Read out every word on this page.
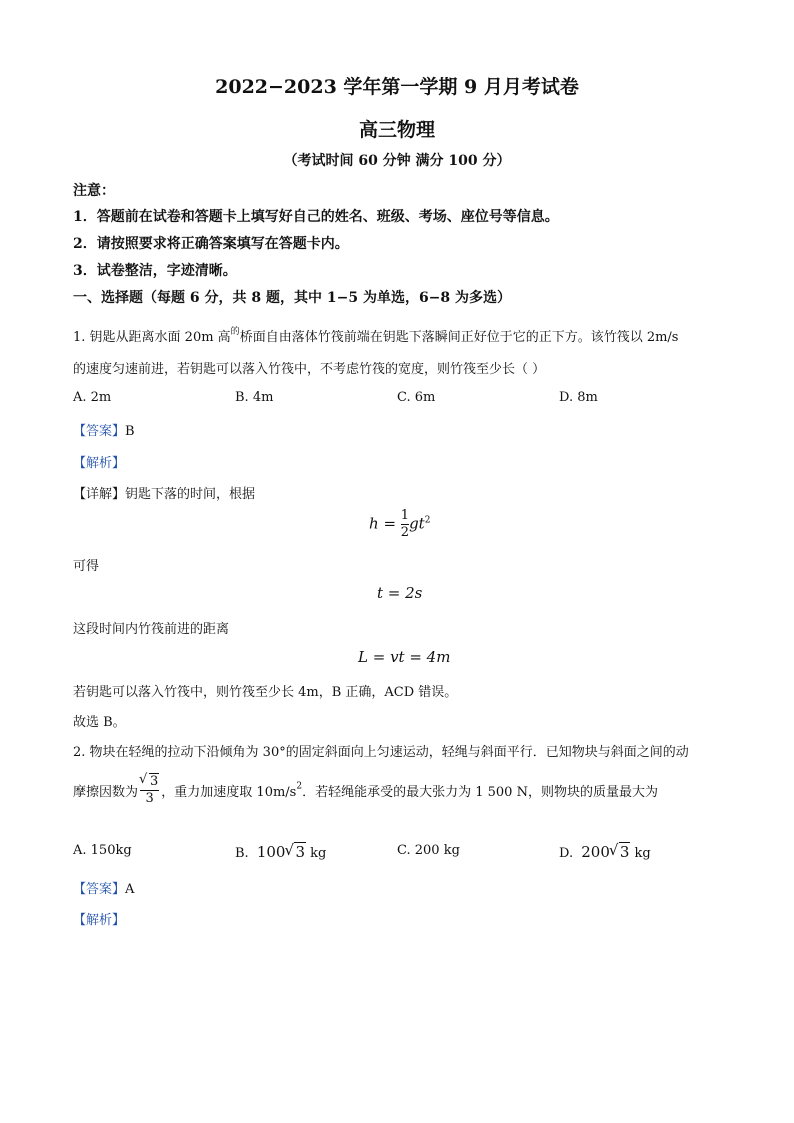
2022−2023 学年第一学期 9 月月考试卷
高三物理
（考试时间 60 分钟 满分 100 分）
注意：
1．答题前在试卷和答题卡上填写好自己的姓名、班级、考场、座位号等信息。
2．请按照要求将正确答案填写在答题卡内。
3．试卷整洁，字迹清晰。
一、选择题（每题 6 分，共 8 题，其中 1−5 为单选，6−8 为多选）
1. 钥匙从距离水面 20m 高$^的$桥面自由落体竹筏前端在钥匙下落瞬间正好位于它的正下方。该竹筏以 2m/s
的速度匀速前进，若钥匙可以落入竹筏中，不考虑竹筏的宽度，则竹筏至少长（ ）
A. 2m	B. 4m	C. 6m	D. 8m
【答案】B
【解析】
【详解】钥匙下落的时间，根据
$h = \frac{1}{2} gt^2$
可得
t = 2s
这段时间内竹筏前进的距离
L = vt = 4m
若钥匙可以落入竹筏中，则竹筏至少长 4m，B 正确，ACD 错误。
故选 B。
2. 物块在轻绳的拉动下沿倾角为 30°的固定斜面向上匀速运动，轻绳与斜面平行．已知物块与斜面之间的动
摩擦因数为 √ $\frac{3}{3}$ ，重力加速度取 $10m/s^2$．若轻绳能承受的最大张力为 1 500 N，则物块的质量最大为
A. 150kg	B. 100 √ 3 kg	C. 200 kg	D. 200 √ 3 kg
【答案】A
【解析】
